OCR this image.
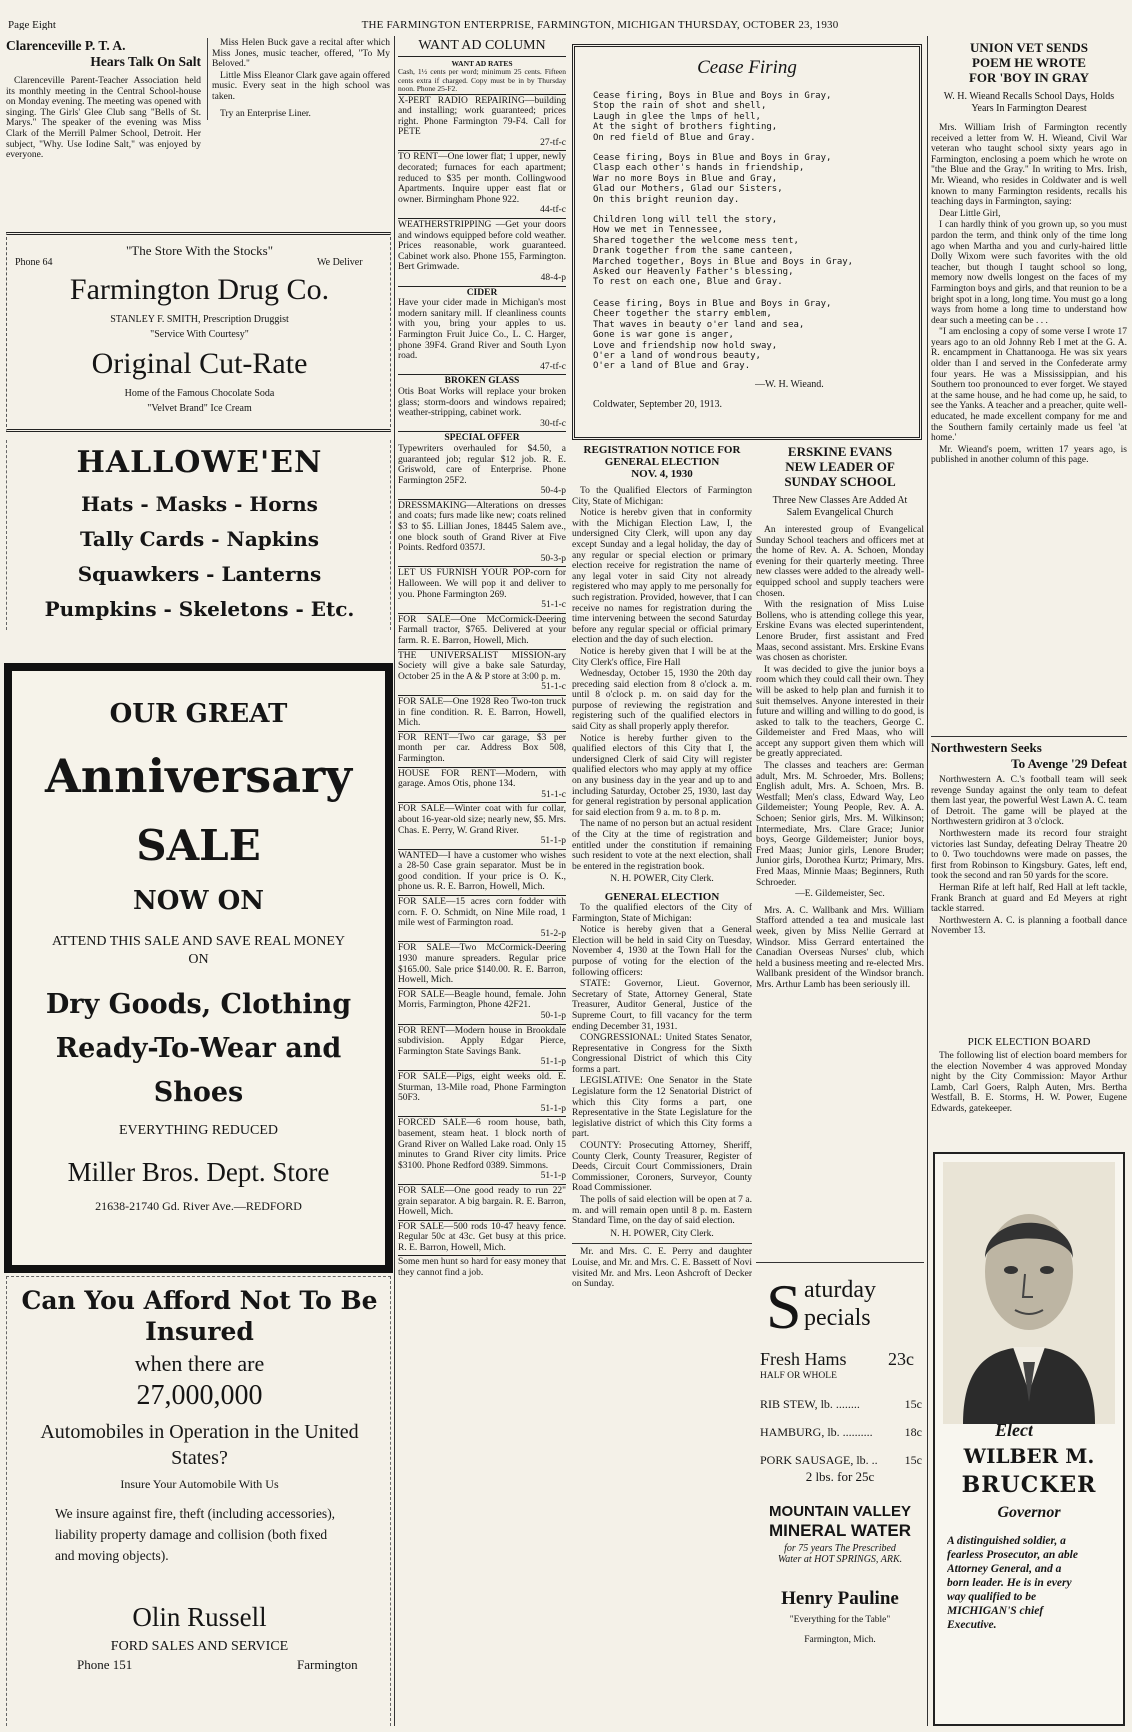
Page Eight	THE FARMINGTON ENTERPRISE, FARMINGTON, MICHIGAN THURSDAY, OCTOBER 23, 1930
Clarenceville P. T. A.
Hears Talk On Salt

Clarenceville Parent-Teacher Association held its monthly meeting in the Central School-house on Monday evening. The meeting was opened with singing. The Girls' Glee Club sang "Bells of St. Marys." The speaker of the evening was Miss Clark of the Merrill Palmer School, Detroit. Her subject, "Why. Use Iodine Salt," was enjoyed by everyone.

Miss Helen Buck gave a recital after which Miss Jones, music teacher, offered, "To My Beloved."

Little Miss Eleanor Clark gave again offered music. Every seat in the high school was taken.

Try an Enterprise Liner.

"The Store With the Stocks"
Phone 64	We Deliver
Farmington Drug Co.
STANLEY F. SMITH, Prescription Druggist
"Service With Courtesy"
Original Cut-Rate
Home of the Famous Chocolate Soda
"Velvet Brand" Ice Cream
HALLOWE'EN
Hats - Masks - Horns
Tally Cards - Napkins
Squawkers - Lanterns
Pumpkins - Skeletons - Etc.
OUR GREAT
Anniversary
SALE
NOW ON
ATTEND THIS SALE AND SAVE REAL MONEY ON
Dry Goods, Clothing
Ready-To-Wear and
Shoes
EVERYTHING REDUCED
Miller Bros. Dept. Store
21638-21740 Gd. River Ave.—REDFORD
Can You Afford Not To Be Insured
when there are
27,000,000
Automobiles in Operation in the United States?
Insure Your Automobile With Us
We insure against fire, theft (including accessories), liability property damage and collision (both fixed and moving objects).
Olin Russell
FORD SALES AND SERVICE
Phone 151	Farmington
WANT AD COLUMN
WANT AD RATES
Cash, 1½ cents per word; minimum 25 cents. Fifteen cents extra if charged. Copy must be in by Thursday noon. Phone 25-F2.
X-PERT RADIO REPAIRING—building and installing; work guaranteed; prices right. Phone Farmington 79-F4. Call for PETE
27-tf-c
TO RENT—One lower flat; 1 upper, newly decorated; furnaces for each apartment; reduced to $35 per month. Collingwood Apartments. Inquire upper east flat or owner. Birmingham Phone 922.
44-tf-c
WEATHERSTRIPPING —Get your doors and windows equipped before cold weather. Prices reasonable, work guaranteed. Cabinet work also. Phone 155, Farmington. Bert Grimwade.
48-4-p
CIDER
Have your cider made in Michigan's most modern sanitary mill. If cleanliness counts with you, bring your apples to us. Farmington Fruit Juice Co., L. C. Harger, phone 39F4. Grand River and South Lyon road.
47-tf-c
BROKEN GLASS
Otis Boat Works will replace your broken glass; storm-doors and windows repaired; weather-stripping, cabinet work.
30-tf-c
SPECIAL OFFER
Typewriters overhauled for $4.50, a guaranteed job; regular $12 job. R. E. Griswold, care of Enterprise. Phone Farmington 25F2.
50-4-p
DRESSMAKING—Alterations on dresses and coats; furs made like new; coats relined $3 to $5. Lillian Jones, 18445 Salem ave., one block south of Grand River at Five Points. Redford 0357J.
50-3-p
LET US FURNISH YOUR POP-corn for Halloween. We will pop it and deliver to you. Phone Farmington 269.
51-1-c
FOR SALE—One McCormick-Deering Farmall tractor, $765. Delivered at your farm. R. E. Barron, Howell, Mich.
THE UNIVERSALIST MISSION-ary Society will give a bake sale Saturday, October 25 in the A & P store at 3:00 p. m.
51-1-c
FOR SALE—One 1928 Reo Two-ton truck in fine condition. R. E. Barron, Howell, Mich.
FOR RENT—Two car garage, $3 per month per car. Address Box 508, Farmington.
HOUSE FOR RENT—Modern, with garage. Amos Otis, phone 134.
51-1-c
FOR SALE—Winter coat with fur collar, about 16-year-old size; nearly new, $5. Mrs. Chas. E. Perry, W. Grand River.
51-1-p
WANTED—I have a customer who wishes a 28-50 Case grain separator. Must be in good condition. If your price is O. K., phone us. R. E. Barron, Howell, Mich.
FOR SALE—15 acres corn fodder with corn. F. O. Schmidt, on Nine Mile road, 1 mile west of Farmington road.
51-2-p
FOR SALE—Two McCormick-Deering 1930 manure spreaders. Regular price $165.00. Sale price $140.00. R. E. Barron, Howell, Mich.
FOR SALE—Beagle hound, female. John Morris, Farmington, Phone 42F21.
50-1-p
FOR RENT—Modern house in Brookdale subdivision. Apply Edgar Pierce, Farmington State Savings Bank.
51-1-p
FOR SALE—Pigs, eight weeks old. E. Sturman, 13-Mile road, Phone Farmington 50F3.
51-1-p
FORCED SALE—6 room house, bath, basement, steam heat. 1 block north of Grand River on Walled Lake road. Only 15 minutes to Grand River city limits. Price $3100. Phone Redford 0389. Simmons.
51-1-p
FOR SALE—One good ready to run 22" grain separator. A big bargain. R. E. Barron, Howell, Mich.
FOR SALE—500 rods 10-47 heavy fence. Regular 50c at 43c. Get busy at this price. R. E. Barron, Howell, Mich.
Some men hunt so hard for easy money that they cannot find a job.
Cease Firing
Cease firing, Boys in Blue and Boys in Gray,
Stop the rain of shot and shell,
Laugh in glee the lmps of hell,
At the sight of brothers fighting,
On red field of Blue and Gray.
Cease firing, Boys in Blue and Boys in Gray,
Clasp each other's hands in friendship,
War no more Boys in Blue and Gray,
Glad our Mothers, Glad our Sisters,
On this bright reunion day.
Children long will tell the story,
How we met in Tennessee,
Shared together the welcome mess tent,
Drank together from the same canteen,
Marched together, Boys in Blue and Boys in Gray,
Asked our Heavenly Father's blessing,
To rest on each one, Blue and Gray.
Cease firing, Boys in Blue and Boys in Gray,
Cheer together the starry emblem,
That waves in beauty o'er land and sea,
Gone is war gone is anger,
Love and friendship now hold sway,
O'er a land of wondrous beauty,
O'er a land of Blue and Gray.
—W. H. Wieand.
Coldwater, September 20, 1913.
REGISTRATION NOTICE FOR GENERAL ELECTION
NOV. 4, 1930

To the Qualified Electors of Farmington City, State of Michigan:

Notice is herebv given that in conformity with the Michigan Election Law, I, the undersigned City Clerk, will upon any day except Sunday and a legal holiday, the day of any regular or special election or primary election receive for registration the name of any legal voter in said City not already registered who may apply to me personally for such registration. Provided, however, that I can receive no names for registration during the time intervening between the second Saturday before any regular special or official primary election and the day of such election.

Notice is hereby given that I will be at the City Clerk's office, Fire Hall

Wednesday, October 15, 1930 the 20th day preceding said election from 8 o'clock a. m. until 8 o'clock p. m. on said day for the purpose of reviewing the registration and registering such of the qualified electors in said City as shall properly apply therefor.

Notice is hereby further given to the qualified electors of this City that I, the undersigned Clerk of said City will register qualified electors who may apply at my office on any business day in the year and up to and including Saturday, October 25, 1930, last day for general registration by personal application for said election from 9 a. m. to 8 p. m.

The name of no person but an actual resident of the City at the time of registration and entitled under the constitution if remaining such resident to vote at the next election, shall be entered in the registration book.

N. H. POWER, City Clerk.
GENERAL ELECTION

To the qualified electors of the City of Farmington, State of Michigan:

Notice is hereby given that a General Election will be held in said City on Tuesday, November 4, 1930 at the Town Hall for the purpose of voting for the election of the following officers:

STATE: Governor, Lieut. Governor, Secretary of State, Attorney General, State Treasurer, Auditor General, Justice of the Supreme Court, to fill vacancy for the term ending December 31, 1931.

CONGRESSIONAL: United States Senator, Representative in Congress for the Sixth Congressional District of which this City forms a part.

LEGISLATIVE: One Senator in the State Legislature form the 12 Senatorial District of which this City forms a part, one Representative in the State Legislature for the legislative district of which this City forms a part.

COUNTY: Prosecuting Attorney, Sheriff, County Clerk, County Treasurer, Register of Deeds, Circuit Court Commissioners, Drain Commissioner, Coroners, Surveyor, County Road Commissioner.

The polls of said election will be open at 7 a. m. and will remain open until 8 p. m. Eastern Standard Time, on the day of said election.

N. H. POWER, City Clerk.

Mr. and Mrs. C. E. Perry and daughter Louise, and Mr. and Mrs. C. E. Bassett of Novi visited Mr. and Mrs. Leon Ashcroft of Decker on Sunday.

ERSKINE EVANS
NEW LEADER OF
SUNDAY SCHOOL
Three New Classes Are Added At Salem Evangelical Church

An interested group of Evangelical Sunday School teachers and officers met at the home of Rev. A. A. Schoen, Monday evening for their quarterly meeting. Three new classes were added to the already well-equipped school and supply teachers were chosen.

With the resignation of Miss Luise Bollens, who is attending college this year, Erskine Evans was elected superintendent, Lenore Bruder, first assistant and Fred Maas, second assistant. Mrs. Erskine Evans was chosen as chorister.

It was decided to give the junior boys a room which they could call their own. They will be asked to help plan and furnish it to suit themselves. Anyone interested in their future and willing and willing to do good, is asked to talk to the teachers, George C. Gildemeister and Fred Maas, who will accept any support given them which will be greatly appreciated.

The classes and teachers are: German adult, Mrs. M. Schroeder, Mrs. Bollens; English adult, Mrs. A. Schoen, Mrs. B. Westfall; Men's class, Edward Way, Leo Gildemeister; Young People, Rev. A. A. Schoen; Senior girls, Mrs. M. Wilkinson; Intermediate, Mrs. Clare Grace; Junior boys, George Gildemeister; Junior boys, Fred Maas; Junior girls, Lenore Bruder; Junior girls, Dorothea Kurtz; Primary, Mrs. Fred Maas, Minnie Maas; Beginners, Ruth Schroeder.

—E. Gildemeister, Sec.

Mrs. A. C. Wallbank and Mrs. William Stafford attended a tea and musicale last week, given by Miss Nellie Gerrard at Windsor. Miss Gerrard entertained the Canadian Overseas Nurses' club, which held a business meeting and re-elected Mrs. Wallbank president of the Windsor branch. Mrs. Arthur Lamb has been seriously ill.

S aturday
pecials
Fresh Hams 23c
HALF OR WHOLE
RIB STEW, lb. ........	15c
HAMBURG, lb. ..........	18c
PORK SAUSAGE, lb. .. 15c
2 lbs. for 25c
MOUNTAIN VALLEY
MINERAL WATER
for 75 years The Prescribed
Water at HOT SPRINGS, ARK.
Henry Pauline
"Everything for the Table"
Farmington, Mich.
UNION VET SENDS
POEM HE WROTE
FOR 'BOY IN GRAY
W. H. Wieand Recalls School Days, Holds Years In Farmington Dearest

Mrs. William Irish of Farmington recently received a letter from W. H. Wieand, Civil War veteran who taught school sixty years ago in Farmington, enclosing a poem which he wrote on "the Blue and the Gray." In writing to Mrs. Irish, Mr. Wieand, who resides in Coldwater and is well known to many Farmington residents, recalls his teaching days in Farmington, saying:

Dear Little Girl,

I can hardly think of you grown up, so you must pardon the term, and think only of the time long ago when Martha and you and curly-haired little Dolly Wixom were such favorites with the old teacher, but though I taught school so long, memory now dwells longest on the faces of my Farmington boys and girls, and that reunion to be a bright spot in a long, long time. You must go a long ways from home a long time to understand how dear such a meeting can be . . .

"I am enclosing a copy of some verse I wrote 17 years ago to an old Johnny Reb I met at the G. A. R. encampment in Chattanooga. He was six years older than I and served in the Confederate army four years. He was a Mississippian, and his Southern too pronounced to ever forget. We stayed at the same house, and he had come up, he said, to see the Yanks. A teacher and a preacher, quite well-educated, he made excellent company for me and the Southern family certainly made us feel 'at home.'

Mr. Wieand's poem, written 17 years ago, is published in another column of this page.

Northwestern Seeks
To Avenge '29 Defeat

Northwestern A. C.'s football team will seek revenge Sunday against the only team to defeat them last year, the powerful West Lawn A. C. team of Detroit. The game will be played at the Northwestern gridiron at 3 o'clock.

Northwestern made its record four straight victories last Sunday, defeating Delray Theatre 20 to 0. Two touchdowns were made on passes, the first from Robinson to Kingsbury. Gates, left end, took the second and ran 50 yards for the score.

Herman Rife at left half, Red Hall at left tackle, Frank Branch at guard and Ed Meyers at right tackle starred.

Northwestern A. C. is planning a football dance November 13.

PICK ELECTION BOARD

The following list of election board members for the election November 4 was approved Monday night by the City Commission: Mayor Arthur Lamb, Carl Goers, Ralph Auten, Mrs. Bertha Westfall, B. E. Storms, H. W. Power, Eugene Edwards, gatekeeper.

Elect
WILBER M.
BRUCKER
Governor
A distinguished soldier, a fearless Prosecutor, an able Attorney General, and a born leader. He is in every way qualified to be MICHIGAN'S chief Executive.
